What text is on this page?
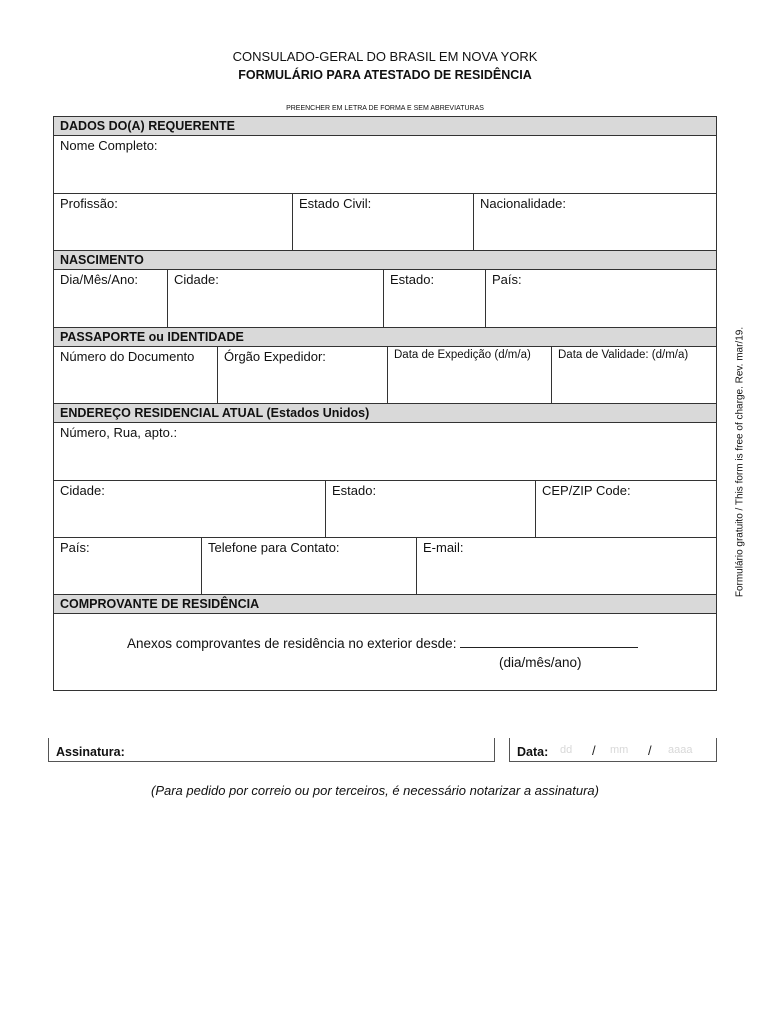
CONSULADO-GERAL DO BRASIL EM NOVA YORK
FORMULÁRIO PARA ATESTADO DE RESIDÊNCIA
PREENCHER EM LETRA DE FORMA E SEM ABREVIATURAS
DADOS DO(A) REQUERENTE
Nome Completo:
Profissão:	Estado Civil:	Nacionalidade:
NASCIMENTO
Dia/Mês/Ano:	Cidade:	Estado:	País:
PASSAPORTE ou IDENTIDADE
Número do Documento	Órgão Expedidor:	Data de Expedição (d/m/a)	Data de Validade: (d/m/a)
ENDEREÇO RESIDENCIAL ATUAL (Estados Unidos)
Número, Rua, apto.:
Cidade:	Estado:	CEP/ZIP Code:
País:	Telefone para Contato:	E-mail:
COMPROVANTE DE RESIDÊNCIA
Anexos comprovantes de residência no exterior desde:
(dia/mês/ano)
Assinatura:	Data: dd / mm / aaaa
(Para pedido por correio ou por terceiros, é necessário notarizar a assinatura)
Formulário gratuito / This form is free of charge. Rev. mar/19.
